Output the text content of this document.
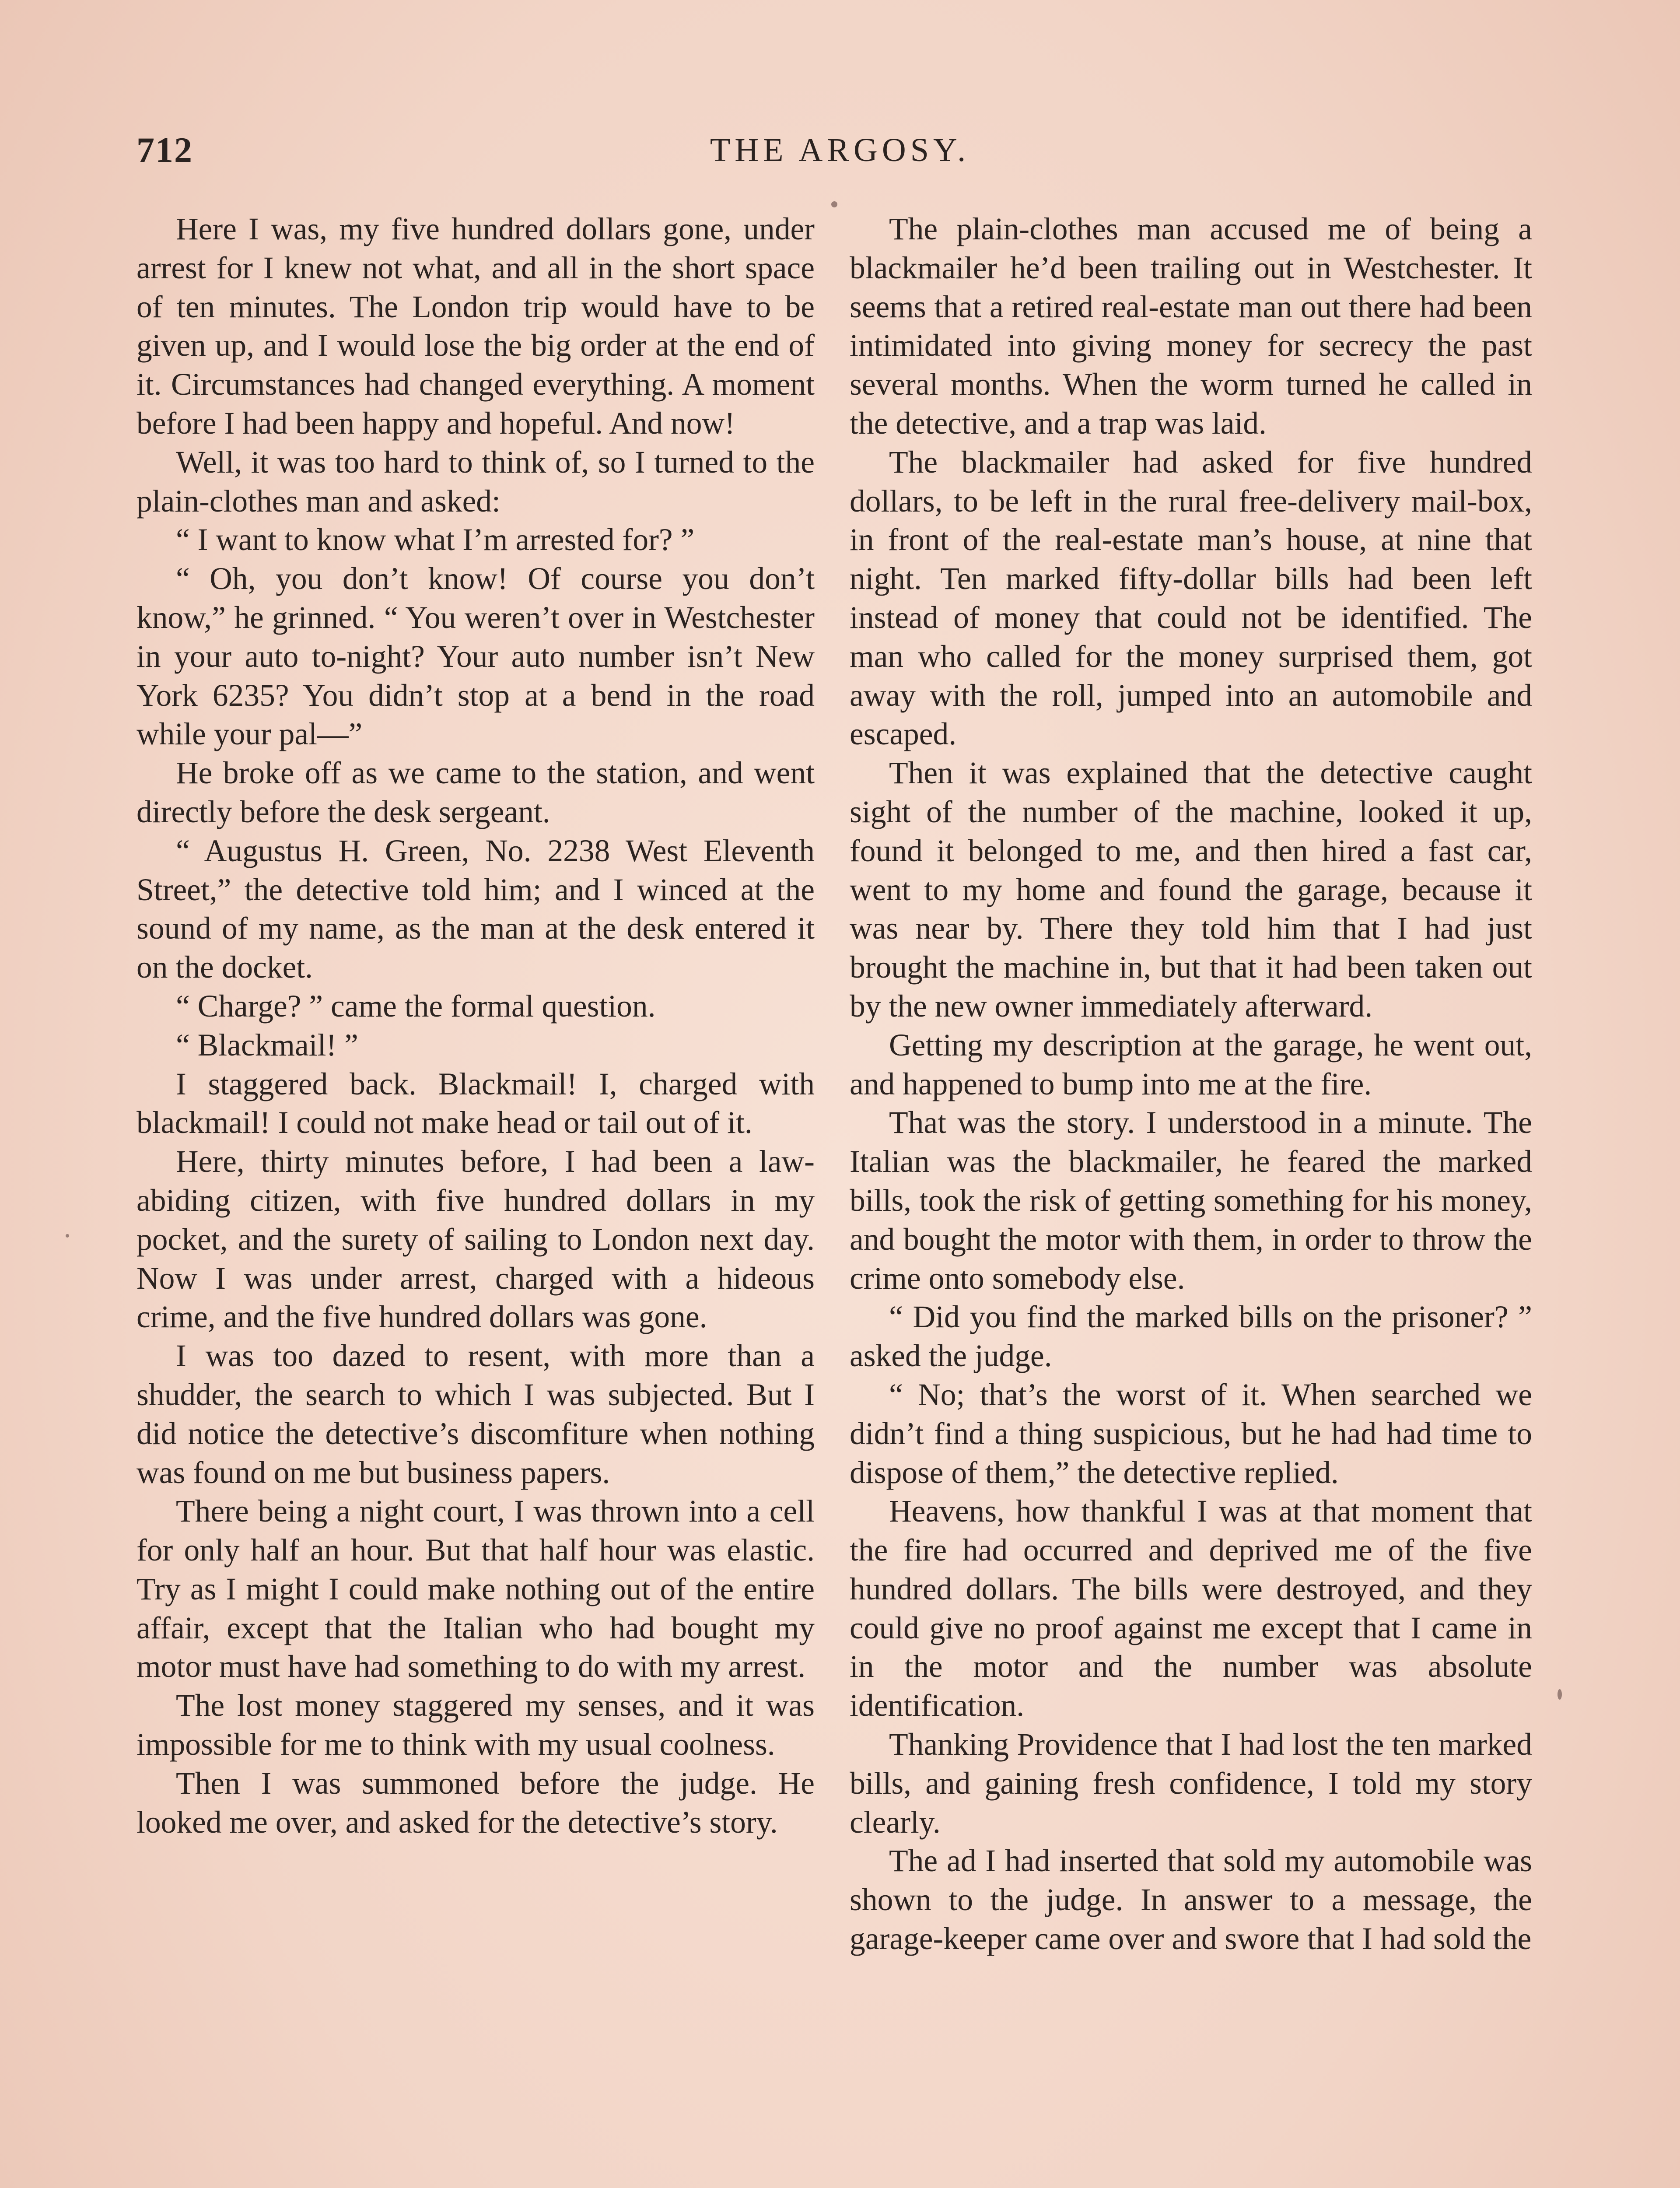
712	THE ARGOSY.

Here I was, my five hundred dollars gone, under arrest for I knew not what, and all in the short space of ten minutes. The London trip would have to be given up, and I would lose the big order at the end of it. Circumstances had changed everything. A moment before I had been happy and hopeful. And now!

Well, it was too hard to think of, so I turned to the plain-clothes man and asked:

“ I want to know what I’m arrested for? ”

“ Oh, you don’t know! Of course you don’t know,” he grinned. “ You weren’t over in Westchester in your auto to-night? Your auto number isn’t New York 6235? You didn’t stop at a bend in the road while your pal—”

He broke off as we came to the station, and went directly before the desk sergeant.

“ Augustus H. Green, No. 2238 West Eleventh Street,” the detective told him; and I winced at the sound of my name, as the man at the desk entered it on the docket.

“ Charge? ” came the formal question.

“ Blackmail! ”

I staggered back. Blackmail! I, charged with blackmail! I could not make head or tail out of it.

Here, thirty minutes before, I had been a law-abiding citizen, with five hundred dollars in my pocket, and the surety of sailing to London next day. Now I was under arrest, charged with a hideous crime, and the five hundred dollars was gone.

I was too dazed to resent, with more than a shudder, the search to which I was subjected. But I did notice the detective’s discomfiture when nothing was found on me but business papers.

There being a night court, I was thrown into a cell for only half an hour. But that half hour was elastic. Try as I might I could make nothing out of the entire affair, except that the Italian who had bought my motor must have had something to do with my arrest.

The lost money staggered my senses, and it was impossible for me to think with my usual coolness.

Then I was summoned before the judge. He looked me over, and asked for the detective’s story.

The plain-clothes man accused me of being a blackmailer he’d been trailing out in Westchester. It seems that a retired real-estate man out there had been intimidated into giving money for secrecy the past several months. When the worm turned he called in the detective, and a trap was laid.

The blackmailer had asked for five hundred dollars, to be left in the rural free-delivery mail-box, in front of the real-estate man’s house, at nine that night. Ten marked fifty-dollar bills had been left instead of money that could not be identified. The man who called for the money surprised them, got away with the roll, jumped into an automobile and escaped.

Then it was explained that the detective caught sight of the number of the machine, looked it up, found it belonged to me, and then hired a fast car, went to my home and found the garage, because it was near by. There they told him that I had just brought the machine in, but that it had been taken out by the new owner immediately afterward.

Getting my description at the garage, he went out, and happened to bump into me at the fire.

That was the story. I understood in a minute. The Italian was the blackmailer, he feared the marked bills, took the risk of getting something for his money, and bought the motor with them, in order to throw the crime onto somebody else.

“ Did you find the marked bills on the prisoner? ” asked the judge.

“ No; that’s the worst of it. When searched we didn’t find a thing suspicious, but he had had time to dispose of them,” the detective replied.

Heavens, how thankful I was at that moment that the fire had occurred and deprived me of the five hundred dollars. The bills were destroyed, and they could give no proof against me except that I came in in the motor and the number was absolute identification.

Thanking Providence that I had lost the ten marked bills, and gaining fresh confidence, I told my story clearly.

The ad I had inserted that sold my automobile was shown to the judge. In answer to a message, the garage-keeper came over and swore that I had sold the
